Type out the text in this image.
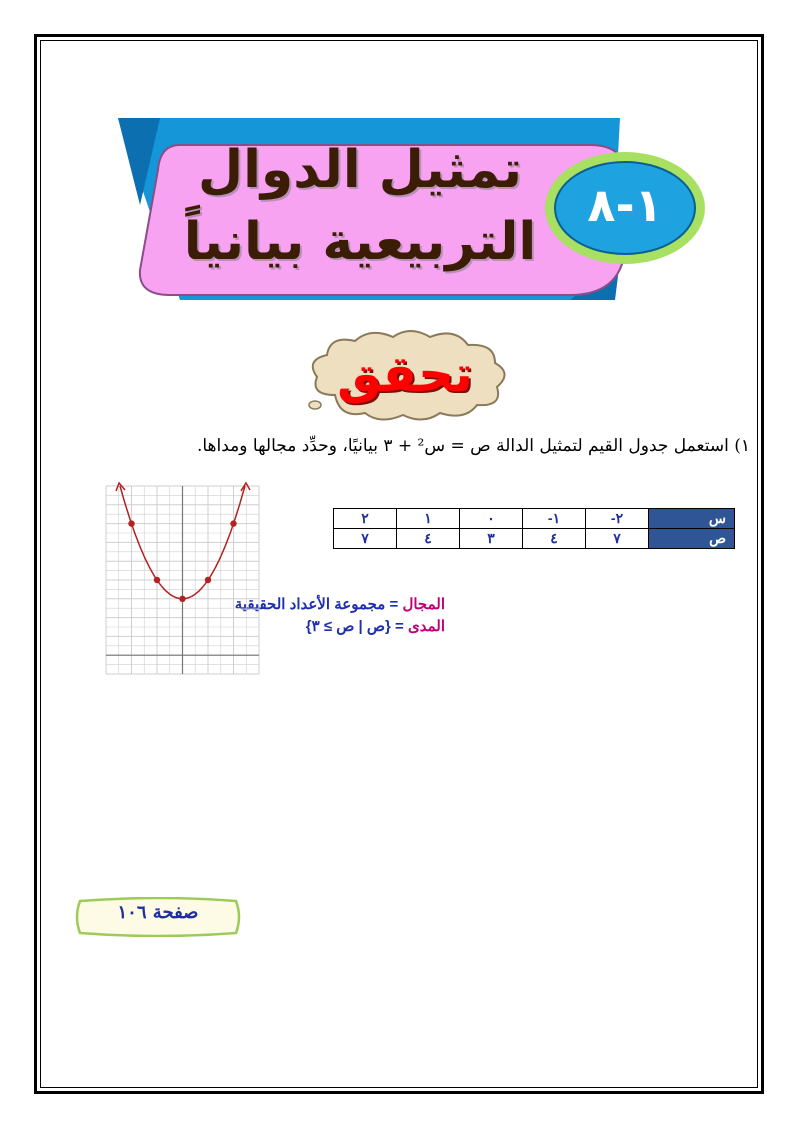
تمثيل الدوال
التربيعية بيانياً
١-٨
تحقق
١) استعمل جدول القيم لتمثيل الدالة ص = س² + ٣ بيانيًا، وحدِّد مجالها ومداها.
س	٢-	١-	٠	١	٢
ص	٧	٤	٣	٤	٧
المجال = مجموعة الأعداد الحقيقية
المدى = {ص | ص ≥ ٣}
صفحة ١٠٦
